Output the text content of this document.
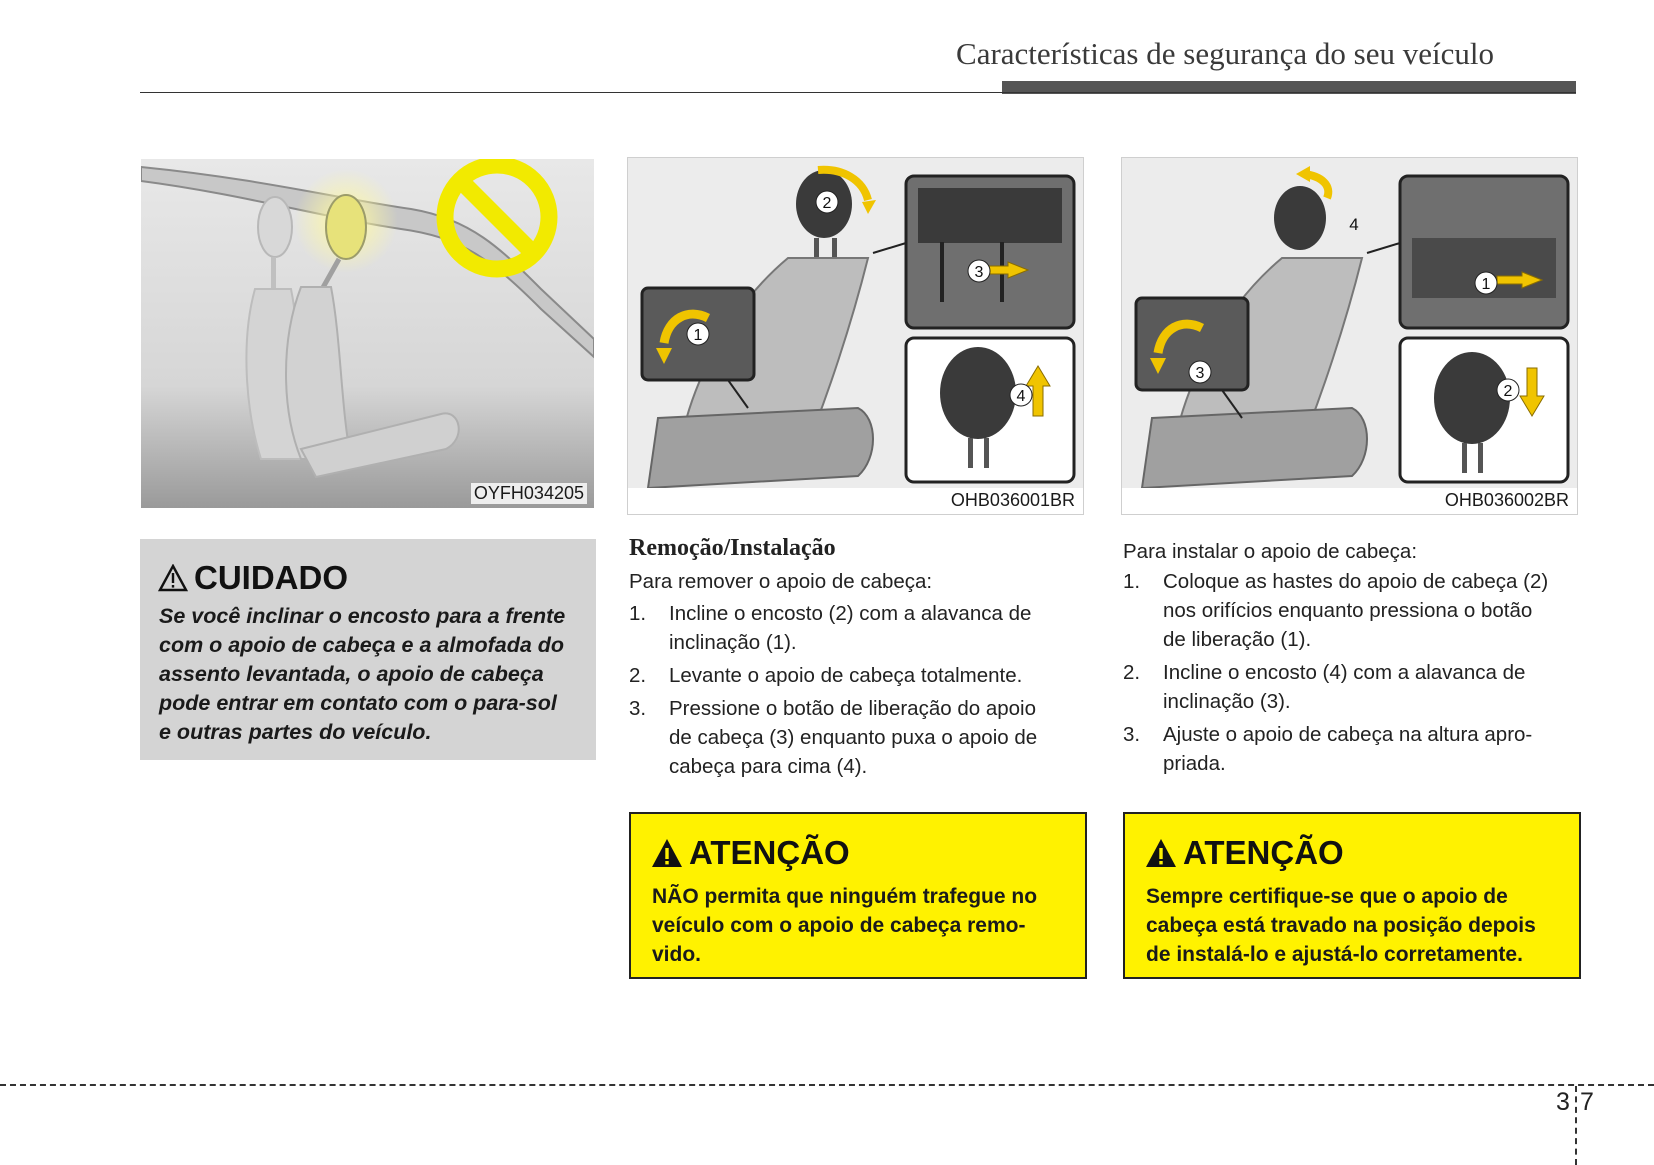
Características de segurança do seu veículo
OYFH034205
2
3
4
1
OHB036001BR
4
1
2
3
OHB036002BR
CUIDADO
Se você inclinar o encosto para a frente
com o apoio de cabeça e a almofada do
assento levantada, o apoio de cabeça
pode entrar em contato com o para-sol
e outras partes do veículo.
Remoção/Instalação
Para remover o apoio de cabeça:
1. Incline o encosto (2) com a alavanca de
inclinação (1).
2. Levante o apoio de cabeça totalmente.
3. Pressione o botão de liberação do apoio
de cabeça (3) enquanto puxa o apoio de
cabeça para cima (4).
Para instalar o apoio de cabeça:
1. Coloque as hastes do apoio de cabeça (2)
nos orifícios enquanto pressiona o botão
de liberação (1).
2. Incline o encosto (4) com a alavanca de
inclinação (3).
3. Ajuste o apoio de cabeça na altura apro-
priada.
ATENÇÃO
NÃO permita que ninguém trafegue no
veículo com o apoio de cabeça remo-
vido.
ATENÇÃO
Sempre certifique-se que o apoio de
cabeça está travado na posição depois
de instalá-lo e ajustá-lo corretamente.
3 7
